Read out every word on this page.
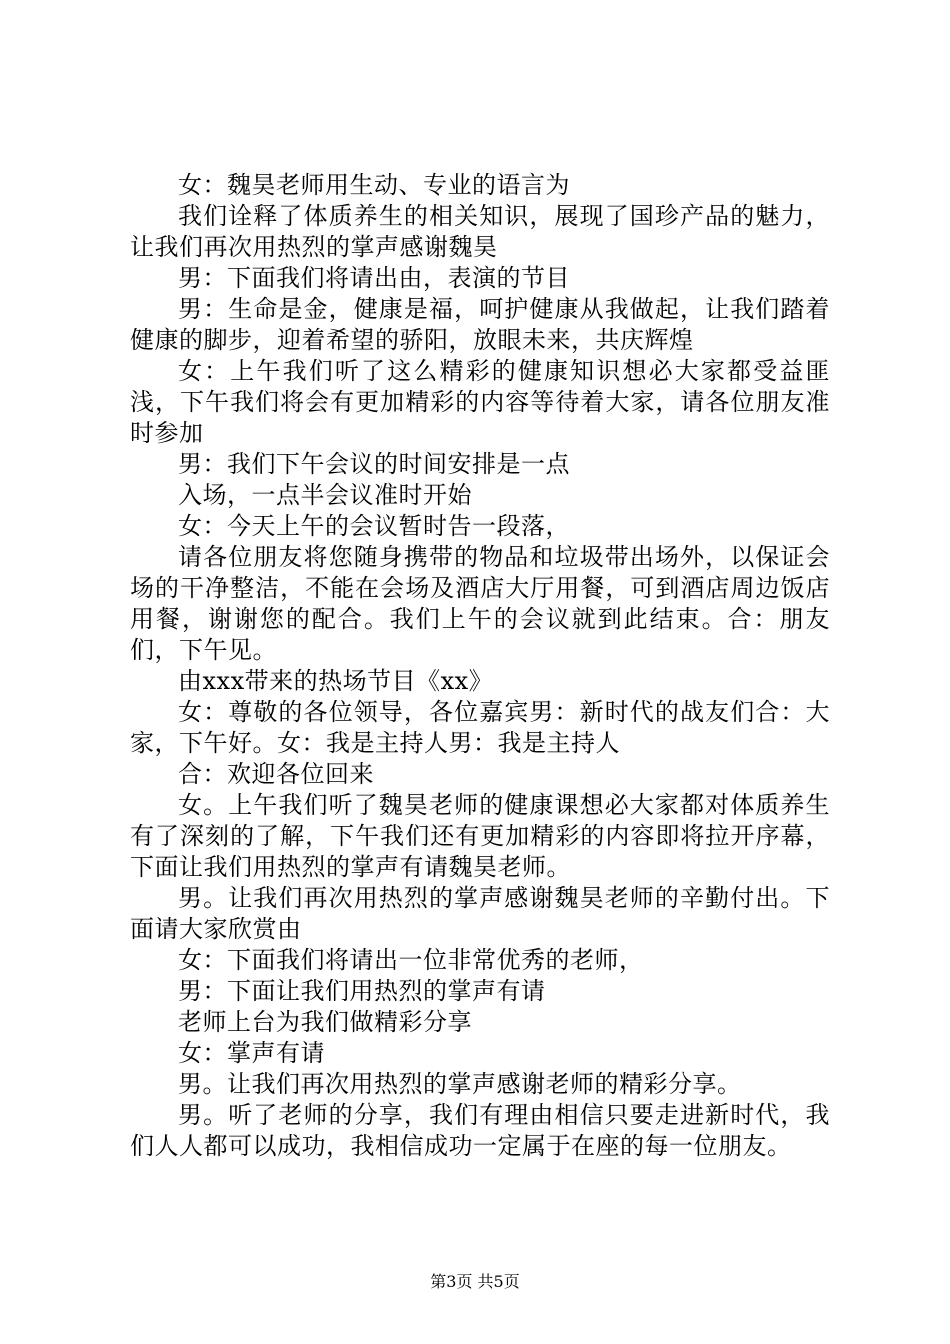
女：魏昊老师用生动、专业的语言为

我们诠释了体质养生的相关知识，展现了国珍产品的魅力，让我们再次用热烈的掌声感谢魏昊

男：下面我们将请出由，表演的节目

男：生命是金，健康是福，呵护健康从我做起，让我们踏着健康的脚步，迎着希望的骄阳，放眼未来，共庆辉煌

女：上午我们听了这么精彩的健康知识想必大家都受益匪浅，下午我们将会有更加精彩的内容等待着大家，请各位朋友准时参加

男：我们下午会议的时间安排是一点

入场，一点半会议准时开始

女：今天上午的会议暂时告一段落，

请各位朋友将您随身携带的物品和垃圾带出场外，以保证会场的干净整洁，不能在会场及酒店大厅用餐，可到酒店周边饭店用餐，谢谢您的配合。我们上午的会议就到此结束。合：朋友们，下午见。

由xxx带来的热场节目《xx》

女：尊敬的各位领导，各位嘉宾男：新时代的战友们合：大家，下午好。女：我是主持人男：我是主持人

合：欢迎各位回来

女。上午我们听了魏昊老师的健康课想必大家都对体质养生有了深刻的了解，下午我们还有更加精彩的内容即将拉开序幕，下面让我们用热烈的掌声有请魏昊老师。

男。让我们再次用热烈的掌声感谢魏昊老师的辛勤付出。下面请大家欣赏由

女：下面我们将请出一位非常优秀的老师，

男：下面让我们用热烈的掌声有请

老师上台为我们做精彩分享

女：掌声有请

男。让我们再次用热烈的掌声感谢老师的精彩分享。

男。听了老师的分享，我们有理由相信只要走进新时代，我们人人都可以成功，我相信成功一定属于在座的每一位朋友。

第3页 共5页
